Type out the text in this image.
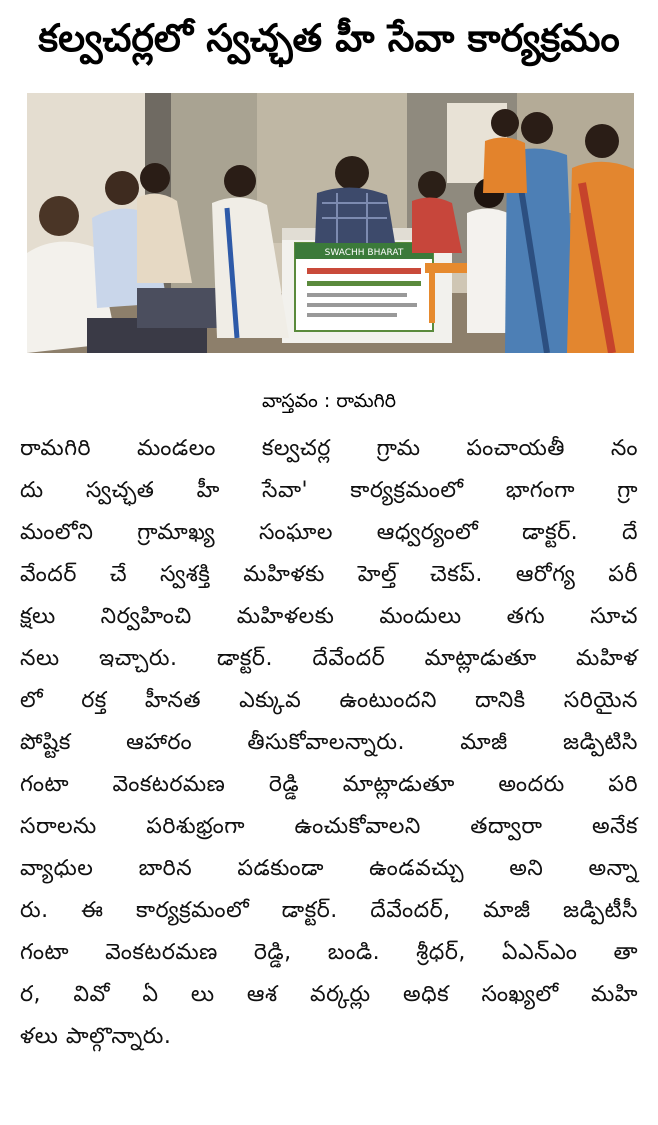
కల్వచర్లలో స్వచ్ఛత హీ సేవా కార్యక్రమం
SWACHH BHARAT
వాస్తవం : రామగిరి
రామగిరి మండలం కల్వచర్ల గ్రామ పంచాయతీ నం
దు స్వచ్ఛత హీ సేవా' కార్యక్రమంలో భాగంగా గ్రా
మంలోని గ్రామాఖ్య సంఘాల ఆధ్వర్యంలో డాక్టర్. దే
వేందర్ చే స్వశక్తి మహిళకు హెల్త్ చెకప్. ఆరోగ్య పరీ
క్షలు నిర్వహించి మహిళలకు మందులు తగు సూచ
నలు ఇచ్చారు. డాక్టర్. దేవేందర్ మాట్లాడుతూ మహిళ
లో రక్త హీనత ఎక్కువ ఉంటుందని దానికి సరియైన
పోష్టిక ఆహారం తీసుకోవాలన్నారు. మాజీ జడ్పిటిసి
గంటా వెంకటరమణ రెడ్డి మాట్లాడుతూ అందరు పరి
సరాలను పరిశుభ్రంగా ఉంచుకోవాలని తద్వారా అనేక
వ్యాధుల బారిన పడకుండా ఉండవచ్చు అని అన్నా
రు. ఈ కార్యక్రమంలో డాక్టర్. దేవేందర్, మాజీ జడ్పిటీసీ
గంటా వెంకటరమణ రెడ్డి, బండి. శ్రీధర్, ఏఎన్ఎం తా
ర, వివో ఏ లు ఆశ వర్కర్లు అధిక సంఖ్యలో మహి
ళలు పాల్గొన్నారు.
